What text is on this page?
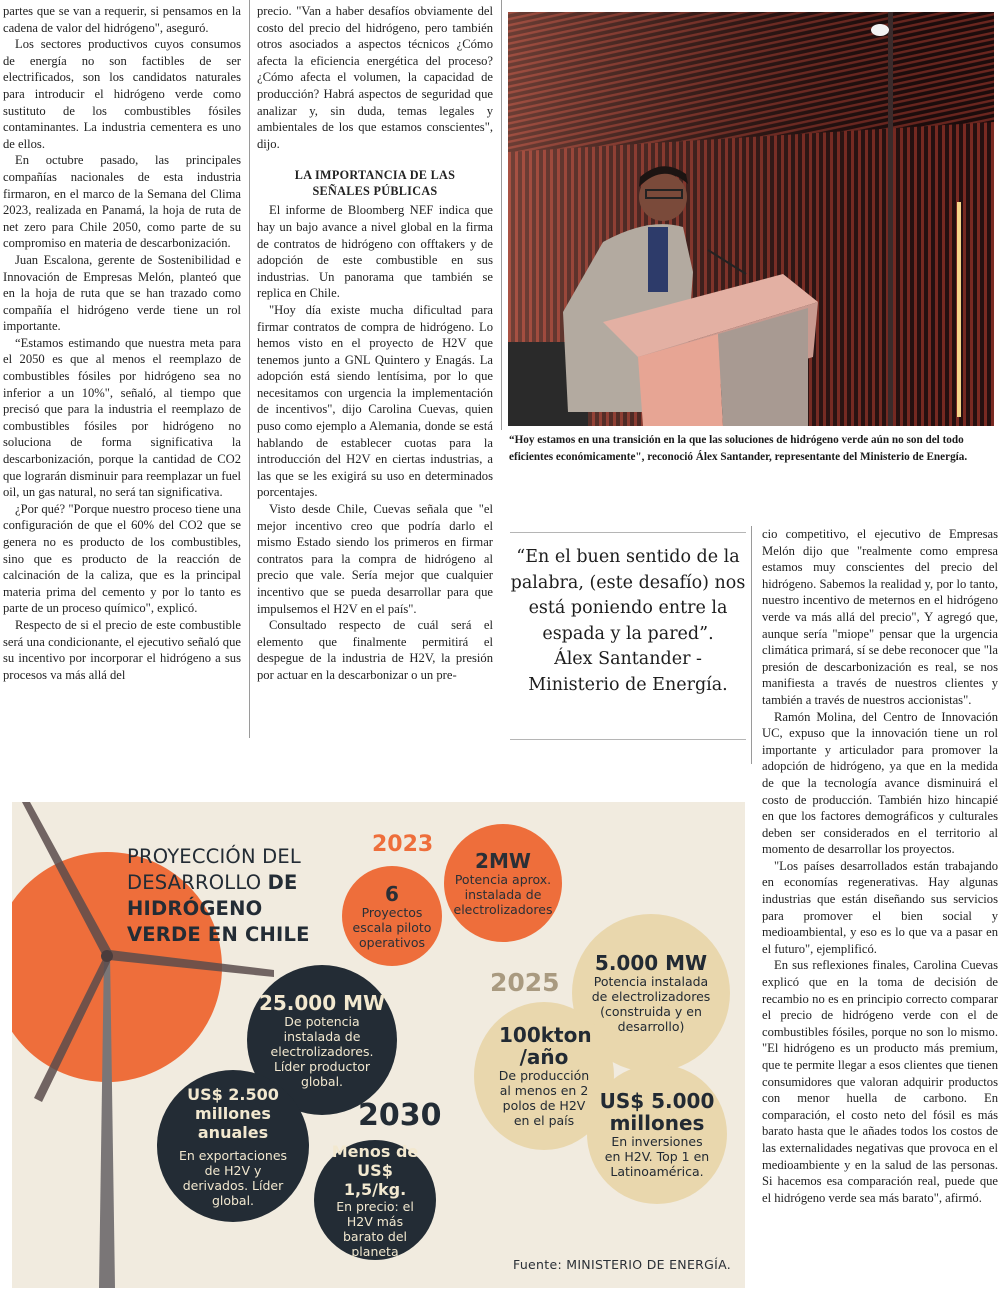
partes que se van a requerir, si pensamos en la cadena de valor del hidrógeno", aseguró.

Los sectores productivos cuyos consumos de energía no son factibles de ser electrificados, son los candidatos naturales para introducir el hidrógeno verde como sustituto de los combustibles fósiles contaminantes. La industria cementera es uno de ellos.

En octubre pasado, las principales compañías nacionales de esta industria firmaron, en el marco de la Semana del Clima 2023, realizada en Panamá, la hoja de ruta de net zero para Chile 2050, como parte de su compromiso en materia de descarbonización.

Juan Escalona, gerente de Sostenibilidad e Innovación de Empresas Melón, planteó que en la hoja de ruta que se han trazado como compañía el hidrógeno verde tiene un rol importante.

“Estamos estimando que nuestra meta para el 2050 es que al menos el reemplazo de combustibles fósiles por hidrógeno sea no inferior a un 10%", señaló, al tiempo que precisó que para la industria el reemplazo de combustibles fósiles por hidrógeno no soluciona de forma significativa la descarbonización, porque la cantidad de CO2 que lograrán disminuir para reemplazar un fuel oil, un gas natural, no será tan significativa.

¿Por qué? "Porque nuestro proceso tiene una configuración de que el 60% del CO2 que se genera no es producto de los combustibles, sino que es producto de la reacción de calcinación de la caliza, que es la principal materia prima del cemento y por lo tanto es parte de un proceso químico", explicó.

Respecto de si el precio de este combustible será una condicionante, el ejecutivo señaló que su incentivo por incorporar el hidrógeno a sus procesos va más allá del

precio. "Van a haber desafíos obviamente del costo del precio del hidrógeno, pero también otros asociados a aspectos técnicos ¿Cómo afecta la eficiencia energética del proceso? ¿Cómo afecta el volumen, la capacidad de producción? Habrá aspectos de seguridad que analizar y, sin duda, temas legales y ambientales de los que estamos conscientes", dijo.

LA IMPORTANCIA DE LAS
SEÑALES PÚBLICAS

El informe de Bloomberg NEF indica que hay un bajo avance a nivel global en la firma de contratos de hidrógeno con offtakers y de adopción de este combustible en sus industrias. Un panorama que también se replica en Chile.

"Hoy día existe mucha dificultad para firmar contratos de compra de hidrógeno. Lo hemos visto en el proyecto de H2V que tenemos junto a GNL Quintero y Enagás. La adopción está siendo lentísima, por lo que necesitamos con urgencia la implementación de incentivos", dijo Carolina Cuevas, quien puso como ejemplo a Alemania, donde se está hablando de establecer cuotas para la introducción del H2V en ciertas industrias, a las que se les exigirá su uso en determinados porcentajes.

Visto desde Chile, Cuevas señala que "el mejor incentivo creo que podría darlo el mismo Estado siendo los primeros en firmar contratos para la compra de hidrógeno al precio que vale. Sería mejor que cualquier incentivo que se pueda desarrollar para que impulsemos el H2V en el país".

Consultado respecto de cuál será el elemento que finalmente permitirá el despegue de la industria de H2V, la presión por actuar en la descarbonizar o un pre-

“Hoy estamos en una transición en la que las soluciones de hidrógeno verde aún no son del todo eficientes económicamente", reconoció Álex Santander, representante del Ministerio de Energía.
“En el buen sentido de la palabra, (este desafío) nos está poniendo entre la espada y la pared”.
Álex Santander -
Ministerio de Energía.

cio competitivo, el ejecutivo de Empresas Melón dijo que "realmente como empresa estamos muy conscientes del precio del hidrógeno. Sabemos la realidad y, por lo tanto, nuestro incentivo de meternos en el hidrógeno verde va más allá del precio", Y agregó que, aunque sería "miope" pensar que la urgencia climática primará, sí se debe reconocer que "la presión de descarbonización es real, se nos manifiesta a través de nuestros clientes y también a través de nuestros accionistas".

Ramón Molina, del Centro de Innovación UC, expuso que la innovación tiene un rol importante y articulador para promover la adopción de hidrógeno, ya que en la medida de que la tecnología avance disminuirá el costo de producción. También hizo hincapié en que los factores demográficos y culturales deben ser considerados en el territorio al momento de desarrollar los proyectos.

"Los países desarrollados están trabajando en economías regenerativas. Hay algunas industrias que están diseñando sus servicios para promover el bien social y medioambiental, y eso es lo que va a pasar en el futuro", ejemplificó.

En sus reflexiones finales, Carolina Cuevas explicó que en la toma de decisión de recambio no es en principio correcto comparar el precio de hidrógeno verde con el de combustibles fósiles, porque no son lo mismo. "El hidrógeno es un producto más premium, que te permite llegar a esos clientes que tienen consumidores que valoran adquirir productos con menor huella de carbono. En comparación, el costo neto del fósil es más barato hasta que le añades todos los costos de las externalidades negativas que provoca en el medioambiente y en la salud de las personas. Si hacemos esa comparación real, puede que el hidrógeno verde sea más barato", afirmó.

PROYECCIÓN DEL
DESARROLLO DE
HIDRÓGENO
VERDE EN CHILE
2023
6
Proyectos escala piloto operativos
2MW
Potencia aprox. instalada de electrolizadores
2025
5.000 MW
Potencia instalada de electrolizadores (construida y en desarrollo)
100kton /año
De producción al menos en 2 polos de H2V en el país
US$ 5.000 millones
En inversiones en H2V. Top 1 en Latinoamérica.
2030
25.000 MW
De potencia instalada de electrolizadores. Líder productor global.
US$ 2.500 millones anuales
En exportaciones de H2V y derivados. Líder global.
Menos de US$ 1,5/kg.
En precio: el H2V más barato del planeta
Fuente: MINISTERIO DE ENERGÍA.
